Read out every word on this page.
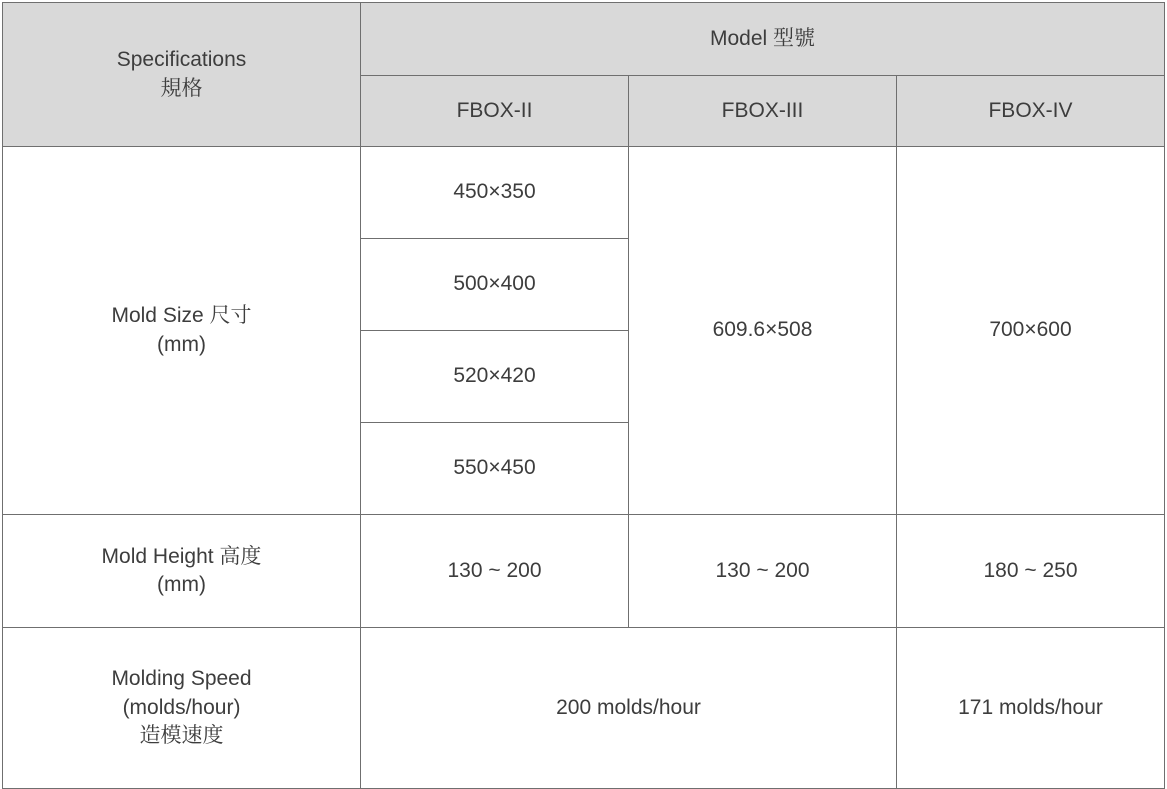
Specifications
規格	Model 型號		
	FBOX-II	FBOX-III	FBOX-IV
Mold Size 尺寸
(mm)	450×350	609.6×508	700×600
	500×400		
	520×420		
	550×450		
Mold Height 高度
(mm)	130 ~ 200	130 ~ 200	180 ~ 250
Molding Speed
(molds/hour)
造模速度	200 molds/hour		171 molds/hour
